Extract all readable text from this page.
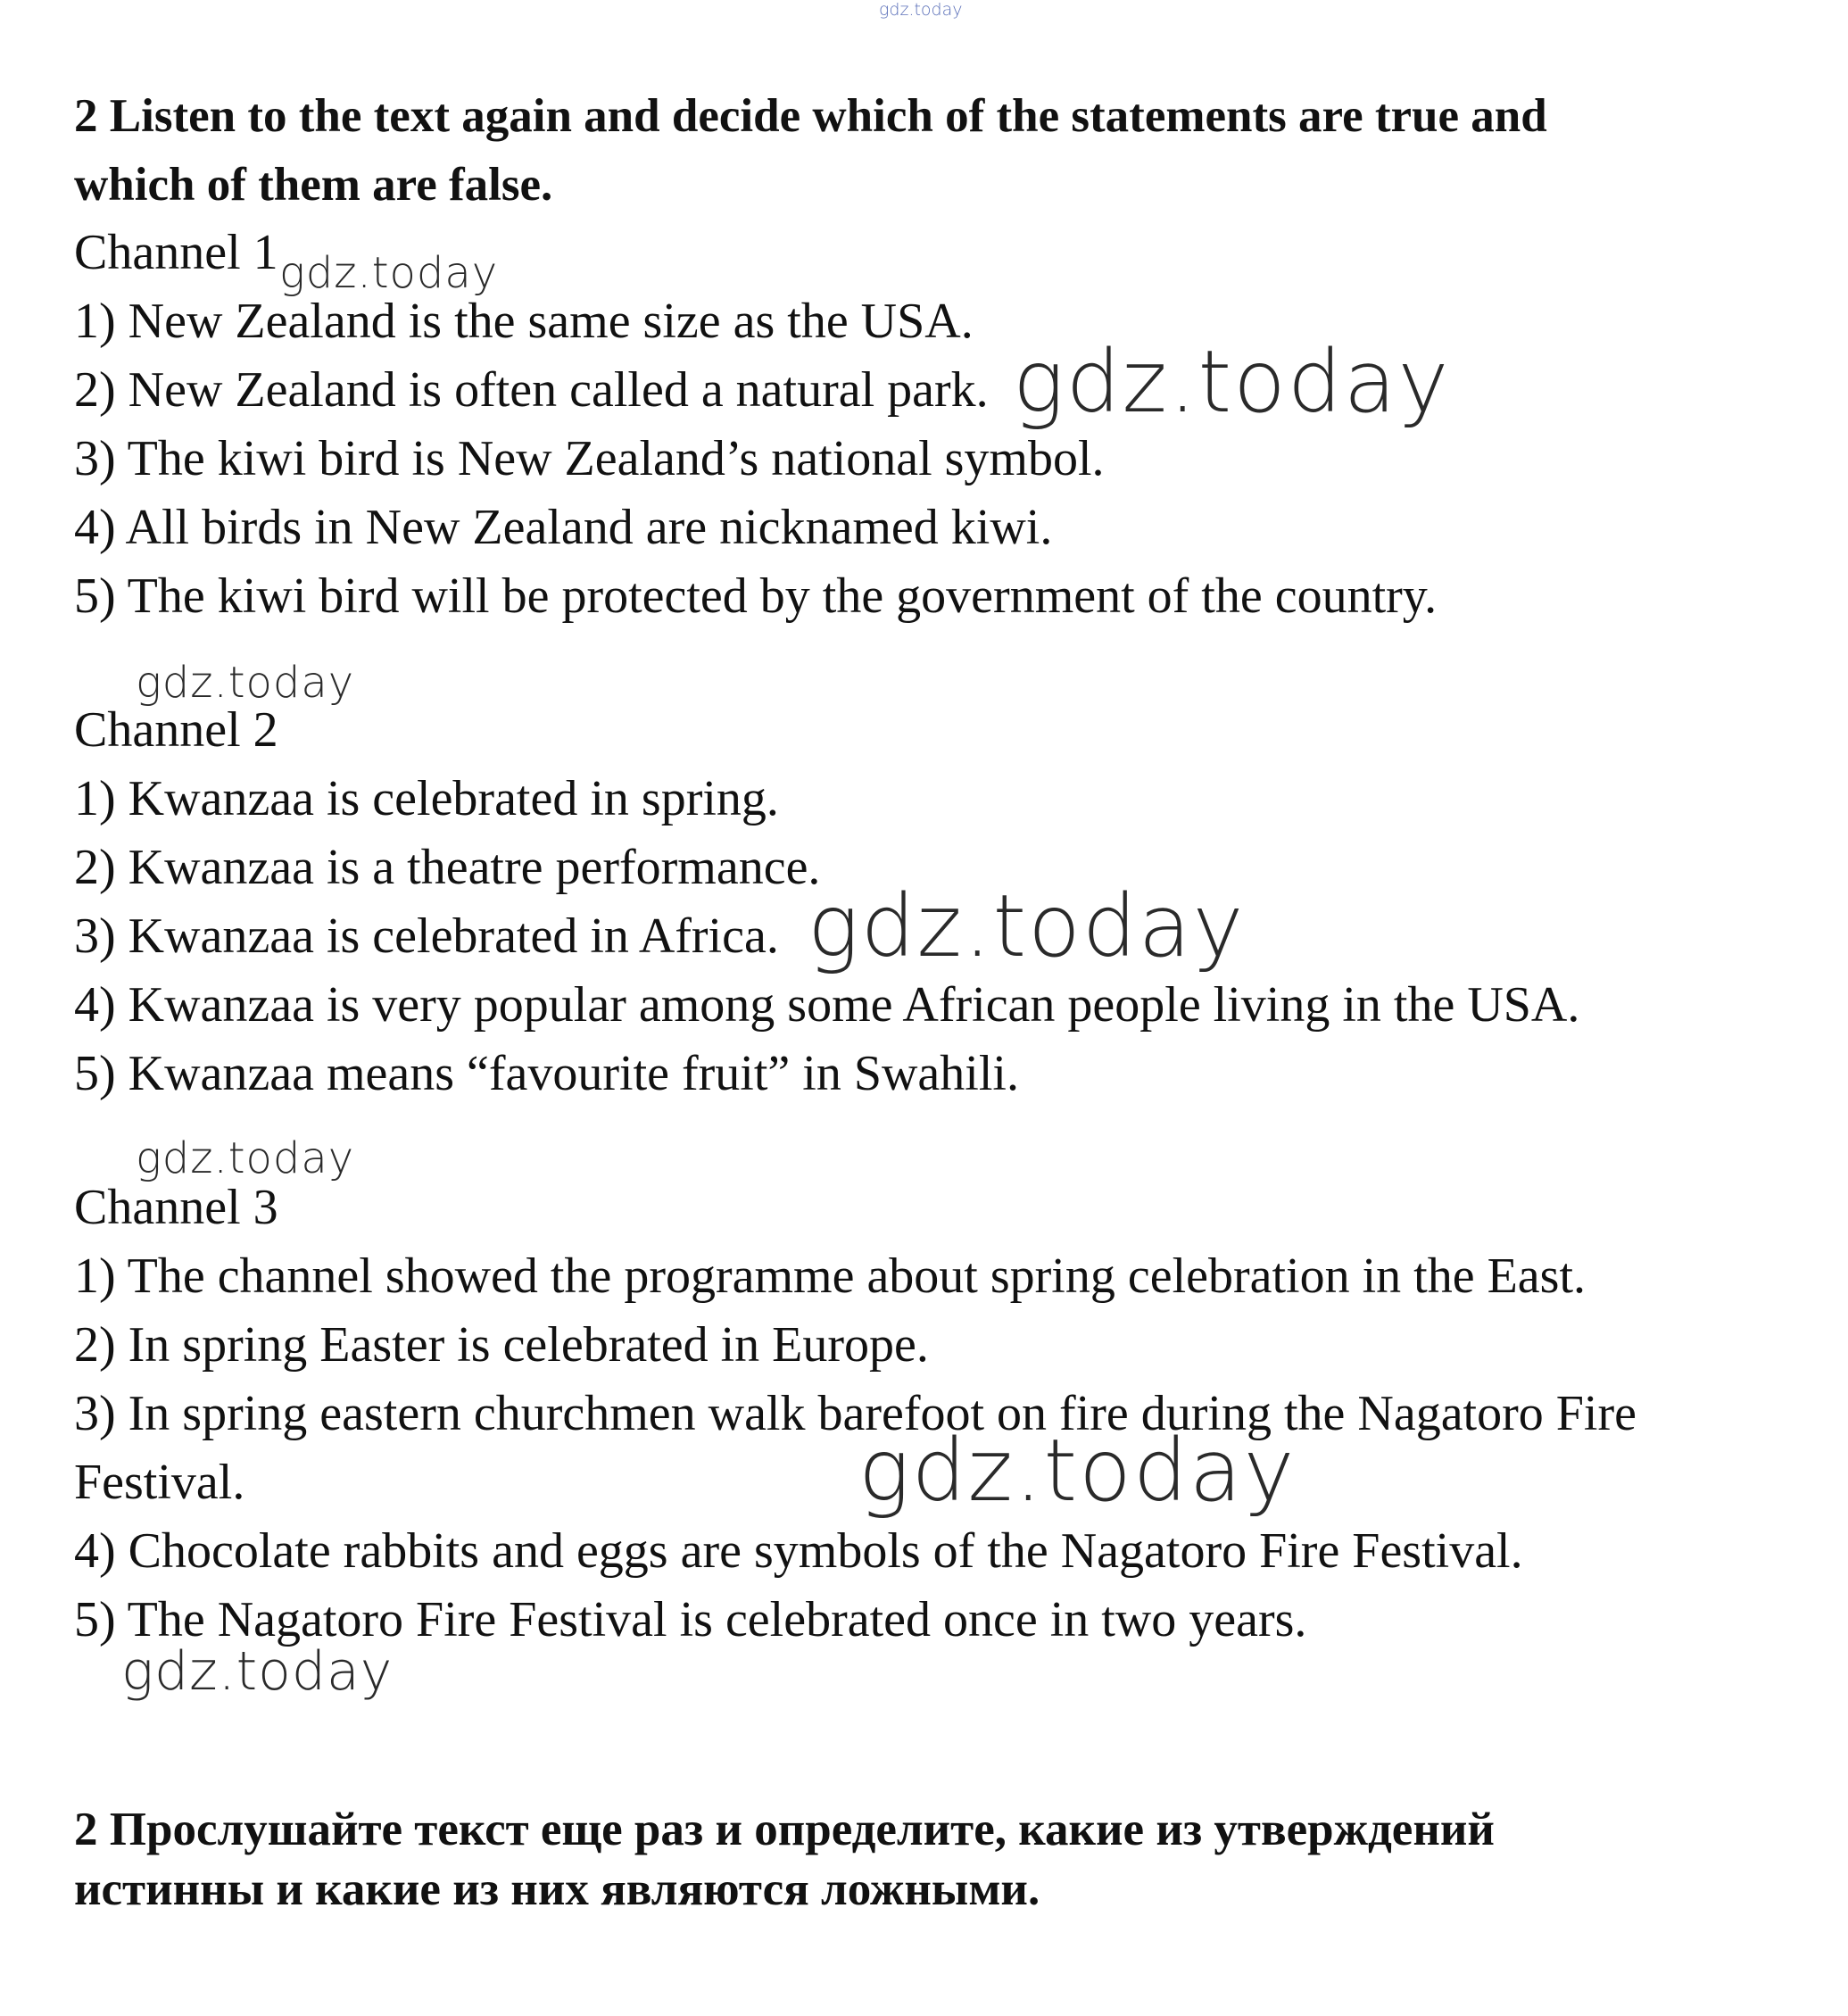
gdz.today
gdz.today
gdz.today
gdz.today
gdz.today
gdz.today
gdz.today
gdz.today
2 Listen to the text again and decide which of the statements are true and
which of them are false.
Channel 1
1) New Zealand is the same size as the USA.
2) New Zealand is often called a natural park.
3) The kiwi bird is New Zealand’s national symbol.
4) All birds in New Zealand are nicknamed kiwi.
5) The kiwi bird will be protected by the government of the country.
Channel 2
1) Kwanzaa is celebrated in spring.
2) Kwanzaa is a theatre performance.
3) Kwanzaa is celebrated in Africa.
4) Kwanzaa is very popular among some African people living in the USA.
5) Kwanzaa means “favourite fruit” in Swahili.
Channel 3
1) The channel showed the programme about spring celebration in the East.
2) In spring Easter is celebrated in Europe.
3) In spring eastern churchmen walk barefoot on fire during the Nagatoro Fire
Festival.
4) Chocolate rabbits and eggs are symbols of the Nagatoro Fire Festival.
5) The Nagatoro Fire Festival is celebrated once in two years.
2 Прослушайте текст еще раз и определите, какие из утверждений
истинны и какие из них являются ложными.
